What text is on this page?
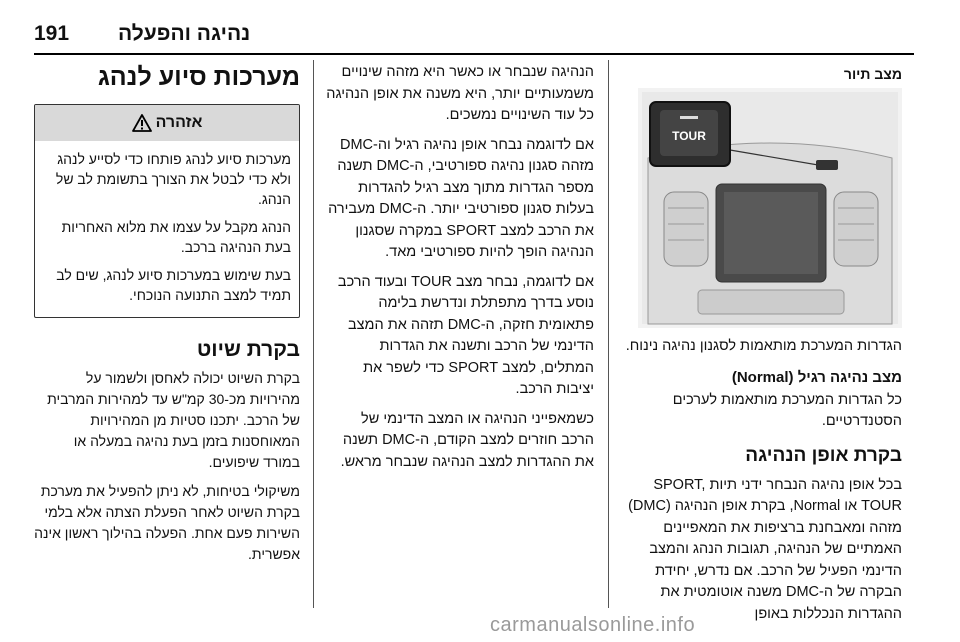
191 נהיגה והפעלה
מצב תיור
TOUR

הגדרות המערכת מותאמות לסגנון נהיגה נינוח.

מצב נהיגה רגיל (Normal)

כל הגדרות המערכת מותאמות לערכים הסטנדרטיים.

בקרת אופן הנהיגה

בכל אופן נהיגה הנבחר ידני תיות SPORT, TOUR או Normal, בקרת אופן הנהיגה (DMC) מזהה ומאבחנת ברציפות את המאפיינים האמתיים של הנהיגה, תגובות הנהג והמצב הדינמי הפעיל של הרכב. אם נדרש, יחידת הבקרה של ה-DMC משנה אוטומטית את ההגדרות הנכללות באופן

הנהיגה שנבחר או כאשר היא מזהה שינויים משמעותיים יותר, היא משנה את אופן הנהיגה כל עוד השינויים נמשכים.

אם לדוגמה נבחר אופן נהיגה רגיל וה-DMC מזהה סגנון נהיגה ספורטיבי, ה-DMC תשנה מספר הגדרות מתוך מצב רגיל להגדרות בעלות סגנון ספורטיבי יותר. ה-DMC מעבירה את הרכב למצב SPORT במקרה שסגנון הנהיגה הופך להיות ספורטיבי מאד.

אם לדוגמה, נבחר מצב TOUR ובעוד הרכב נוסע בדרך מתפתלת ונדרשת בלימה פתאומית חזקה, ה-DMC תזהה את המצב הדינמי של הרכב ותשנה את הגדרות המתלים, למצב SPORT כדי לשפר את יציבות הרכב.

כשמאפייני הנהיגה או המצב הדינמי של הרכב חוזרים למצב הקודם, ה-DMC תשנה את ההגדרות למצב הנהיגה שנבחר מראש.

מערכות סיוע לנהג
אזהרה

מערכות סיוע לנהג פותחו כדי לסייע לנהג ולא כדי לבטל את הצורך בתשומת לב של הנהג.

הנהג מקבל על עצמו את מלוא האחריות בעת הנהיגה ברכב.

בעת שימוש במערכות סיוע לנהג, שים לב תמיד למצב התנועה הנוכחי.

בקרת שיוט

בקרת השיוט יכולה לאחסן ולשמור על מהירויות מכ-30 קמ"ש עד למהירות המרבית של הרכב. יתכנו סטיות מן המהירויות המאוחסנות בזמן בעת נהיגה במעלה או במורד שיפועים.

משיקולי בטיחות, לא ניתן להפעיל את מערכת בקרת השיוט לאחר הפעלת הצתה אלא בלמי השירות פעם אחת. הפעלה בהילוך ראשון אינה אפשרית.

carmanualsonline.info
